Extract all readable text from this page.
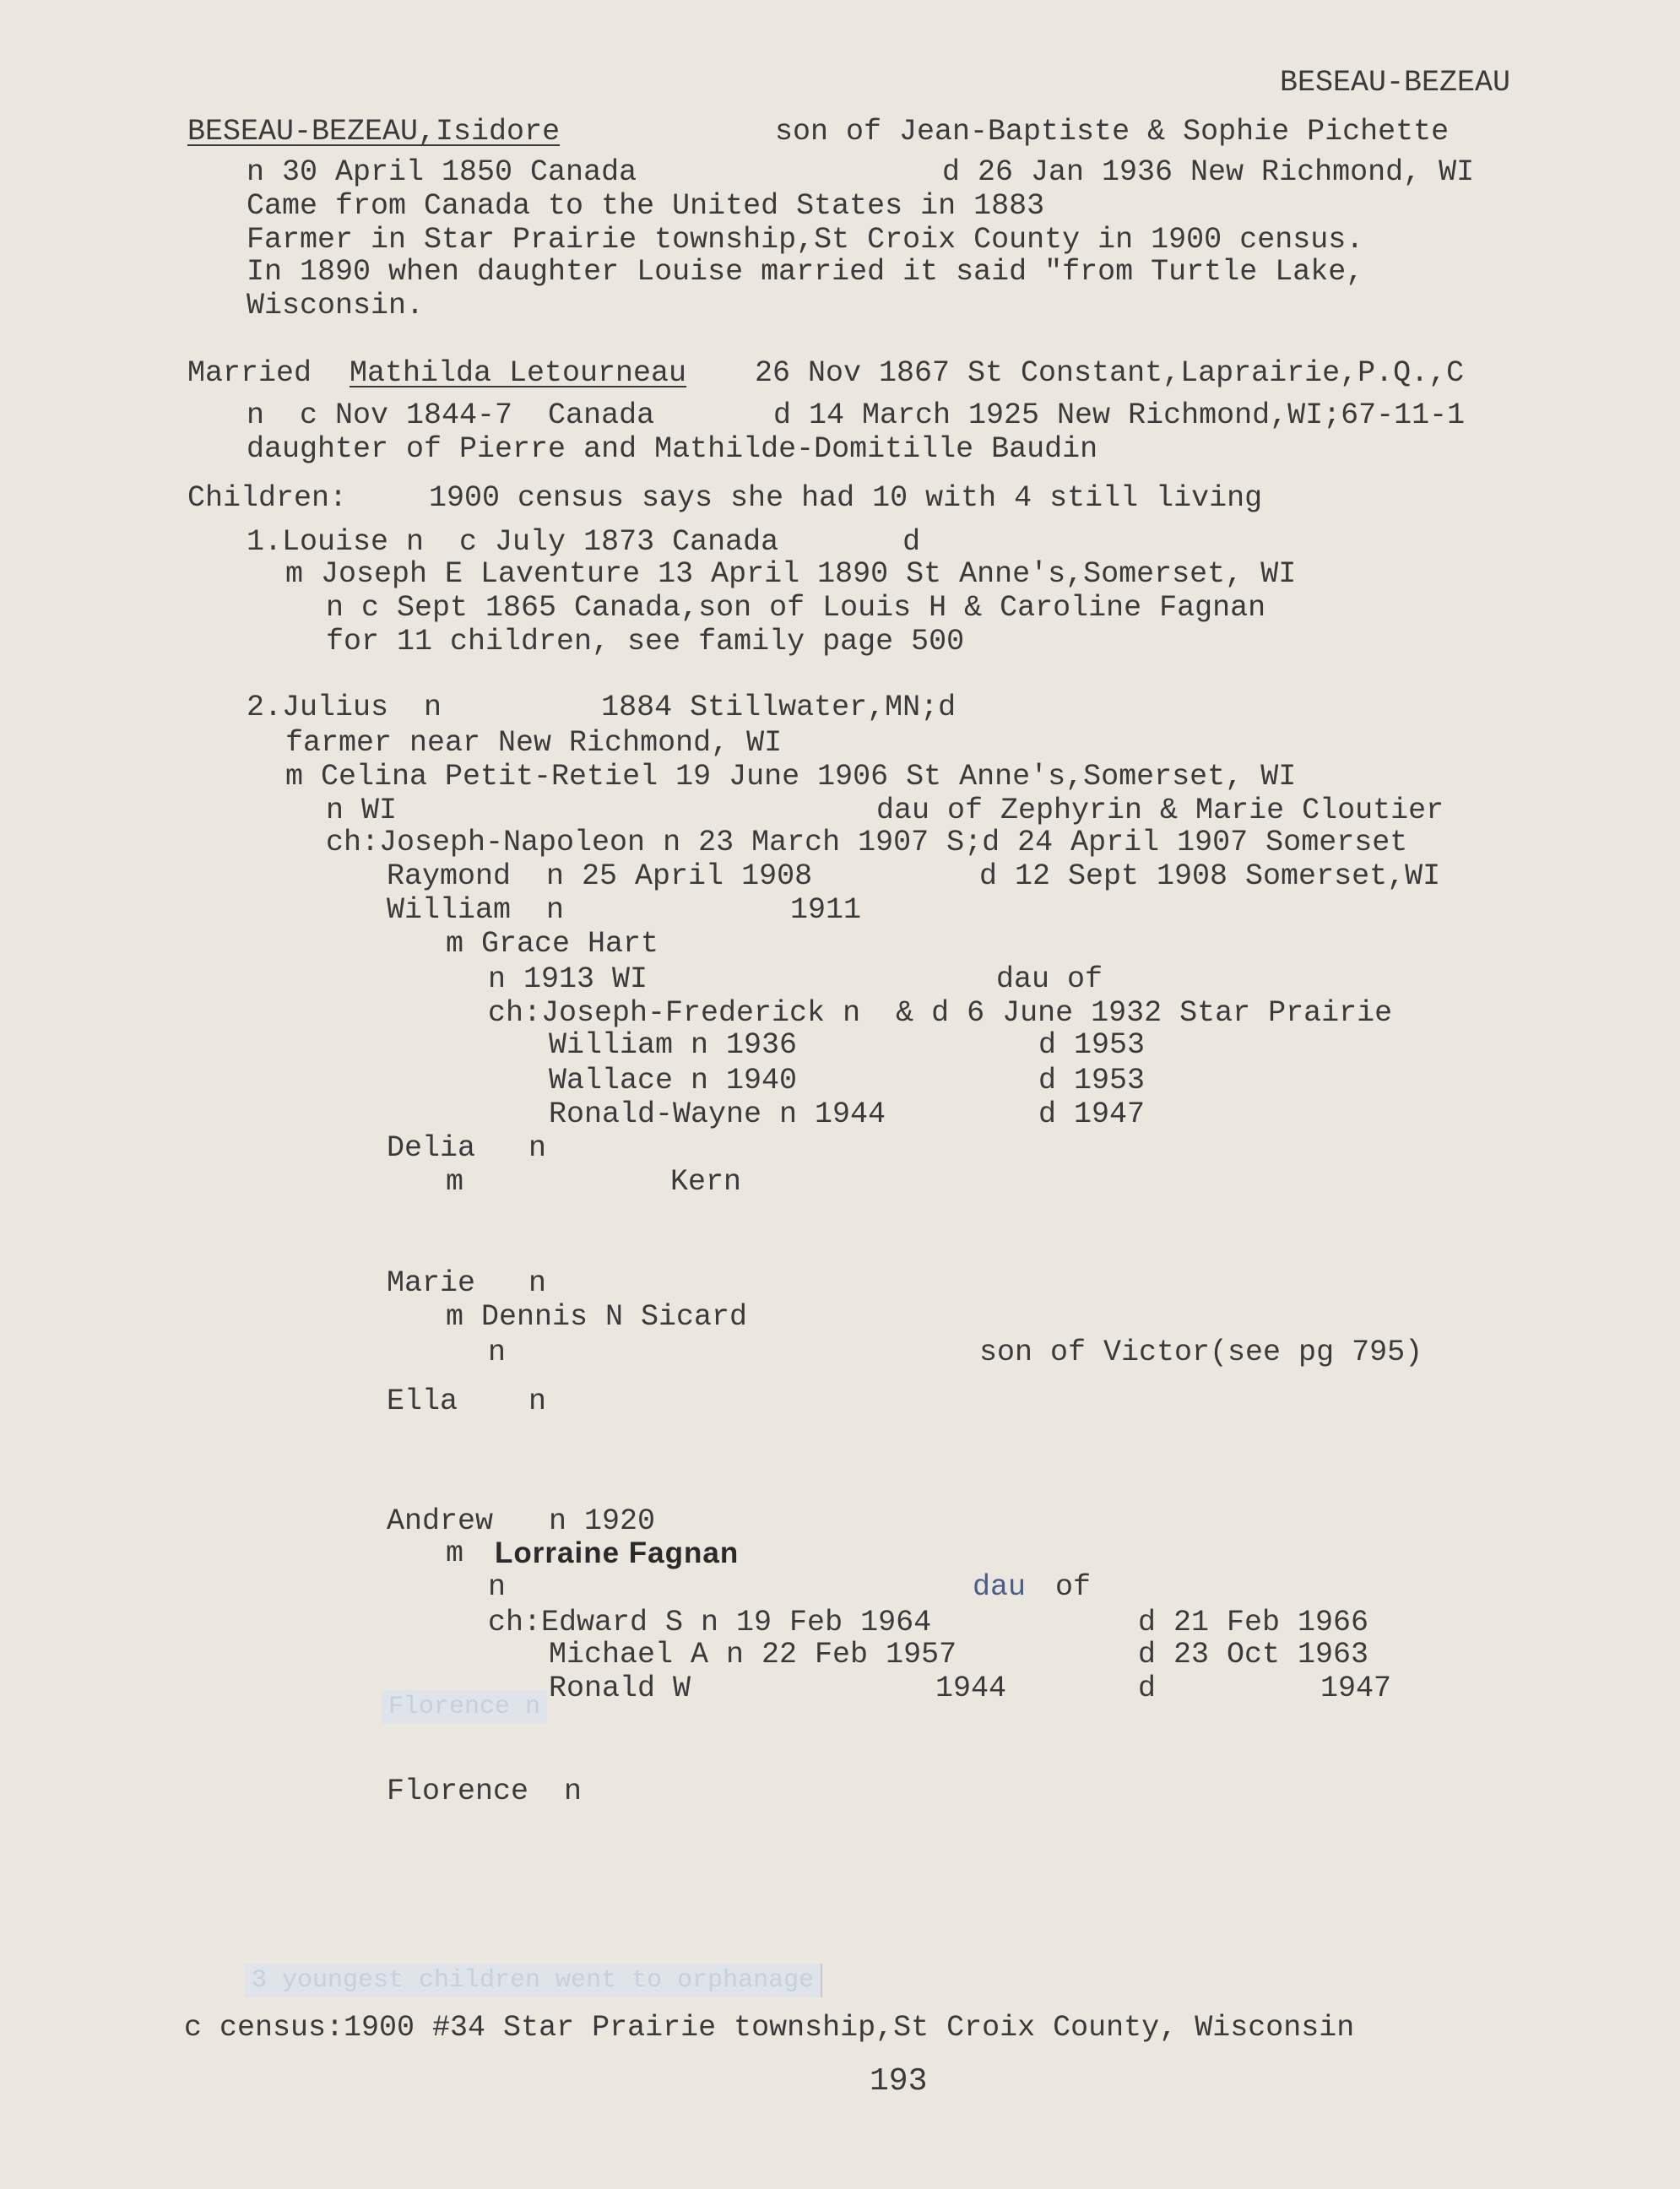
BESEAU-BEZEAU
BESEAU-BEZEAU,Isidore	son of Jean-Baptiste & Sophie Pichette
n 30 April 1850 Canada	d 26 Jan 1936 New Richmond, WI
Came from Canada to the United States in 1883
Farmer in Star Prairie township,St Croix County in 1900 census.
In 1890 when daughter Louise married it said "from Turtle Lake,
Wisconsin.
Married Mathilda Letourneau 26 Nov 1867 St Constant,Laprairie,P.Q.,C
n  c Nov 1844-7  Canada	d 14 March 1925 New Richmond,WI;67-11-1
daughter of Pierre and Mathilde-Domitille Baudin
Children:	1900 census says she had 10 with 4 still living
1.Louise n  c July 1873 Canada       d
m Joseph E Laventure 13 April 1890 St Anne's,Somerset, WI
n c Sept 1865 Canada,son of Louis H & Caroline Fagnan
for 11 children, see family page 500
2.Julius  n         1884 Stillwater,MN;d
farmer near New Richmond, WI
m Celina Petit-Retiel 19 June 1906 St Anne's,Somerset, WI
n WI	dau of Zephyrin & Marie Cloutier
ch:Joseph-Napoleon n 23 March 1907 S;d 24 April 1907 Somerset
Raymond  n 25 April 1908	d 12 Sept 1908 Somerset,WI
William  n	1911
m Grace Hart
n 1913 WI	dau of
ch:Joseph-Frederick n  & d 6 June 1932 Star Prairie
William n 1936	d 1953
Wallace n 1940	d 1953
Ronald-Wayne n 1944	d 1947
Delia   n
m	Kern
Marie   n
m Dennis N Sicard
n	son of Victor(see pg 795)
Ella    n
Andrew n 1920
m Lorraine Fagnan
n	dau of
ch:Edward S n 19 Feb 1964	d 21 Feb 1966
Michael A n 22 Feb 1957	d 23 Oct 1963
Ronald W	1944	d	1947
Florence n
Florence  n
3 youngest children went to orphanage
c census:1900 #34 Star Prairie township,St Croix County, Wisconsin
193
